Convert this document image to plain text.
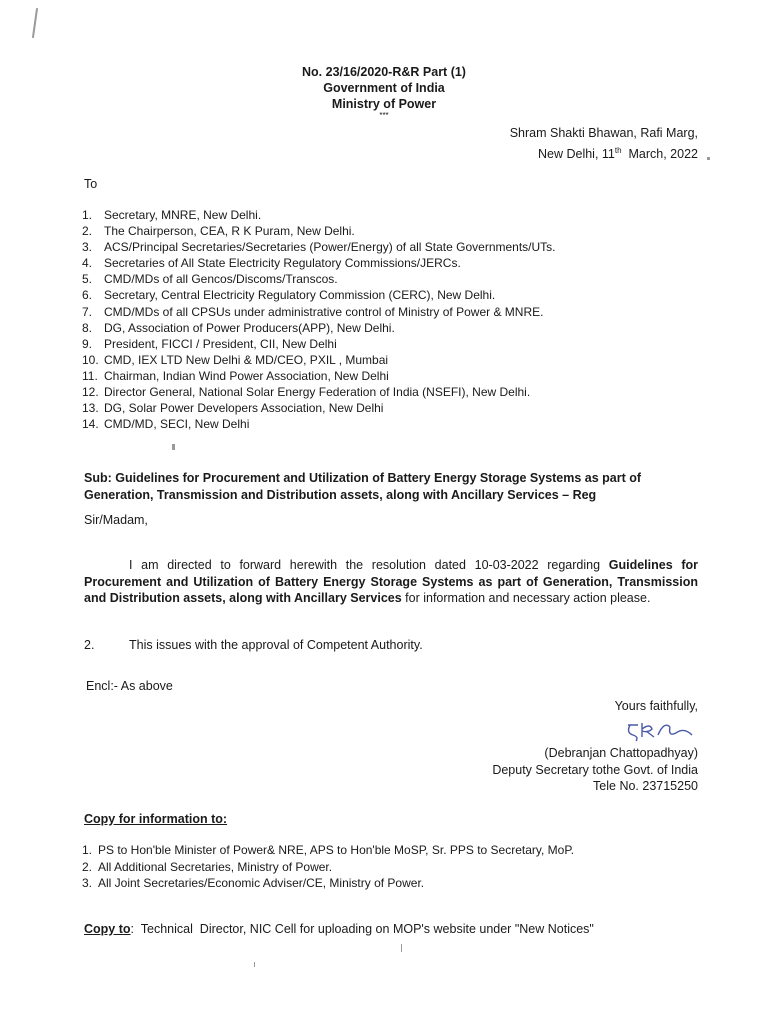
No. 23/16/2020-R&R Part (1)
Government of India
Ministry of Power
***
Shram Shakti Bhawan, Rafi Marg,
New Delhi, 11th  March, 2022
To
1. Secretary, MNRE, New Delhi.
2. The Chairperson, CEA, R K Puram, New Delhi.
3. ACS/Principal Secretaries/Secretaries (Power/Energy) of all State Governments/UTs.
4. Secretaries of All State Electricity Regulatory Commissions/JERCs.
5. CMD/MDs of all Gencos/Discoms/Transcos.
6. Secretary, Central Electricity Regulatory Commission (CERC), New Delhi.
7. CMD/MDs of all CPSUs under administrative control of Ministry of Power & MNRE.
8. DG, Association of Power Producers(APP), New Delhi.
9. President, FICCI / President, CII, New Delhi
10. CMD, IEX LTD New Delhi & MD/CEO, PXIL , Mumbai
11. Chairman, Indian Wind Power Association, New Delhi
12. Director General, National Solar Energy Federation of India (NSEFI), New Delhi.
13. DG, Solar Power Developers Association, New Delhi
14. CMD/MD, SECI, New Delhi
Sub: Guidelines for Procurement and Utilization of Battery Energy Storage Systems as part of Generation, Transmission and Distribution assets, along with Ancillary Services – Reg
Sir/Madam,
I am directed to forward herewith the resolution dated 10-03-2022 regarding Guidelines for Procurement and Utilization of Battery Energy Storage Systems as part of Generation, Transmission and Distribution assets, along with Ancillary Services for information and necessary action please.
2.	This issues with the approval of Competent Authority.
Encl:- As above
Yours faithfully,
(Debranjan Chattopadhyay)
Deputy Secretary tothe Govt. of India
Tele No. 23715250
Copy for information to:
1. PS to Hon'ble Minister of Power& NRE, APS to Hon'ble MoSP, Sr. PPS to Secretary, MoP.
2. All Additional Secretaries, Ministry of Power.
3. All Joint Secretaries/Economic Adviser/CE, Ministry of Power.
Copy to:  Technical  Director, NIC Cell for uploading on MOP's website under "New Notices"
